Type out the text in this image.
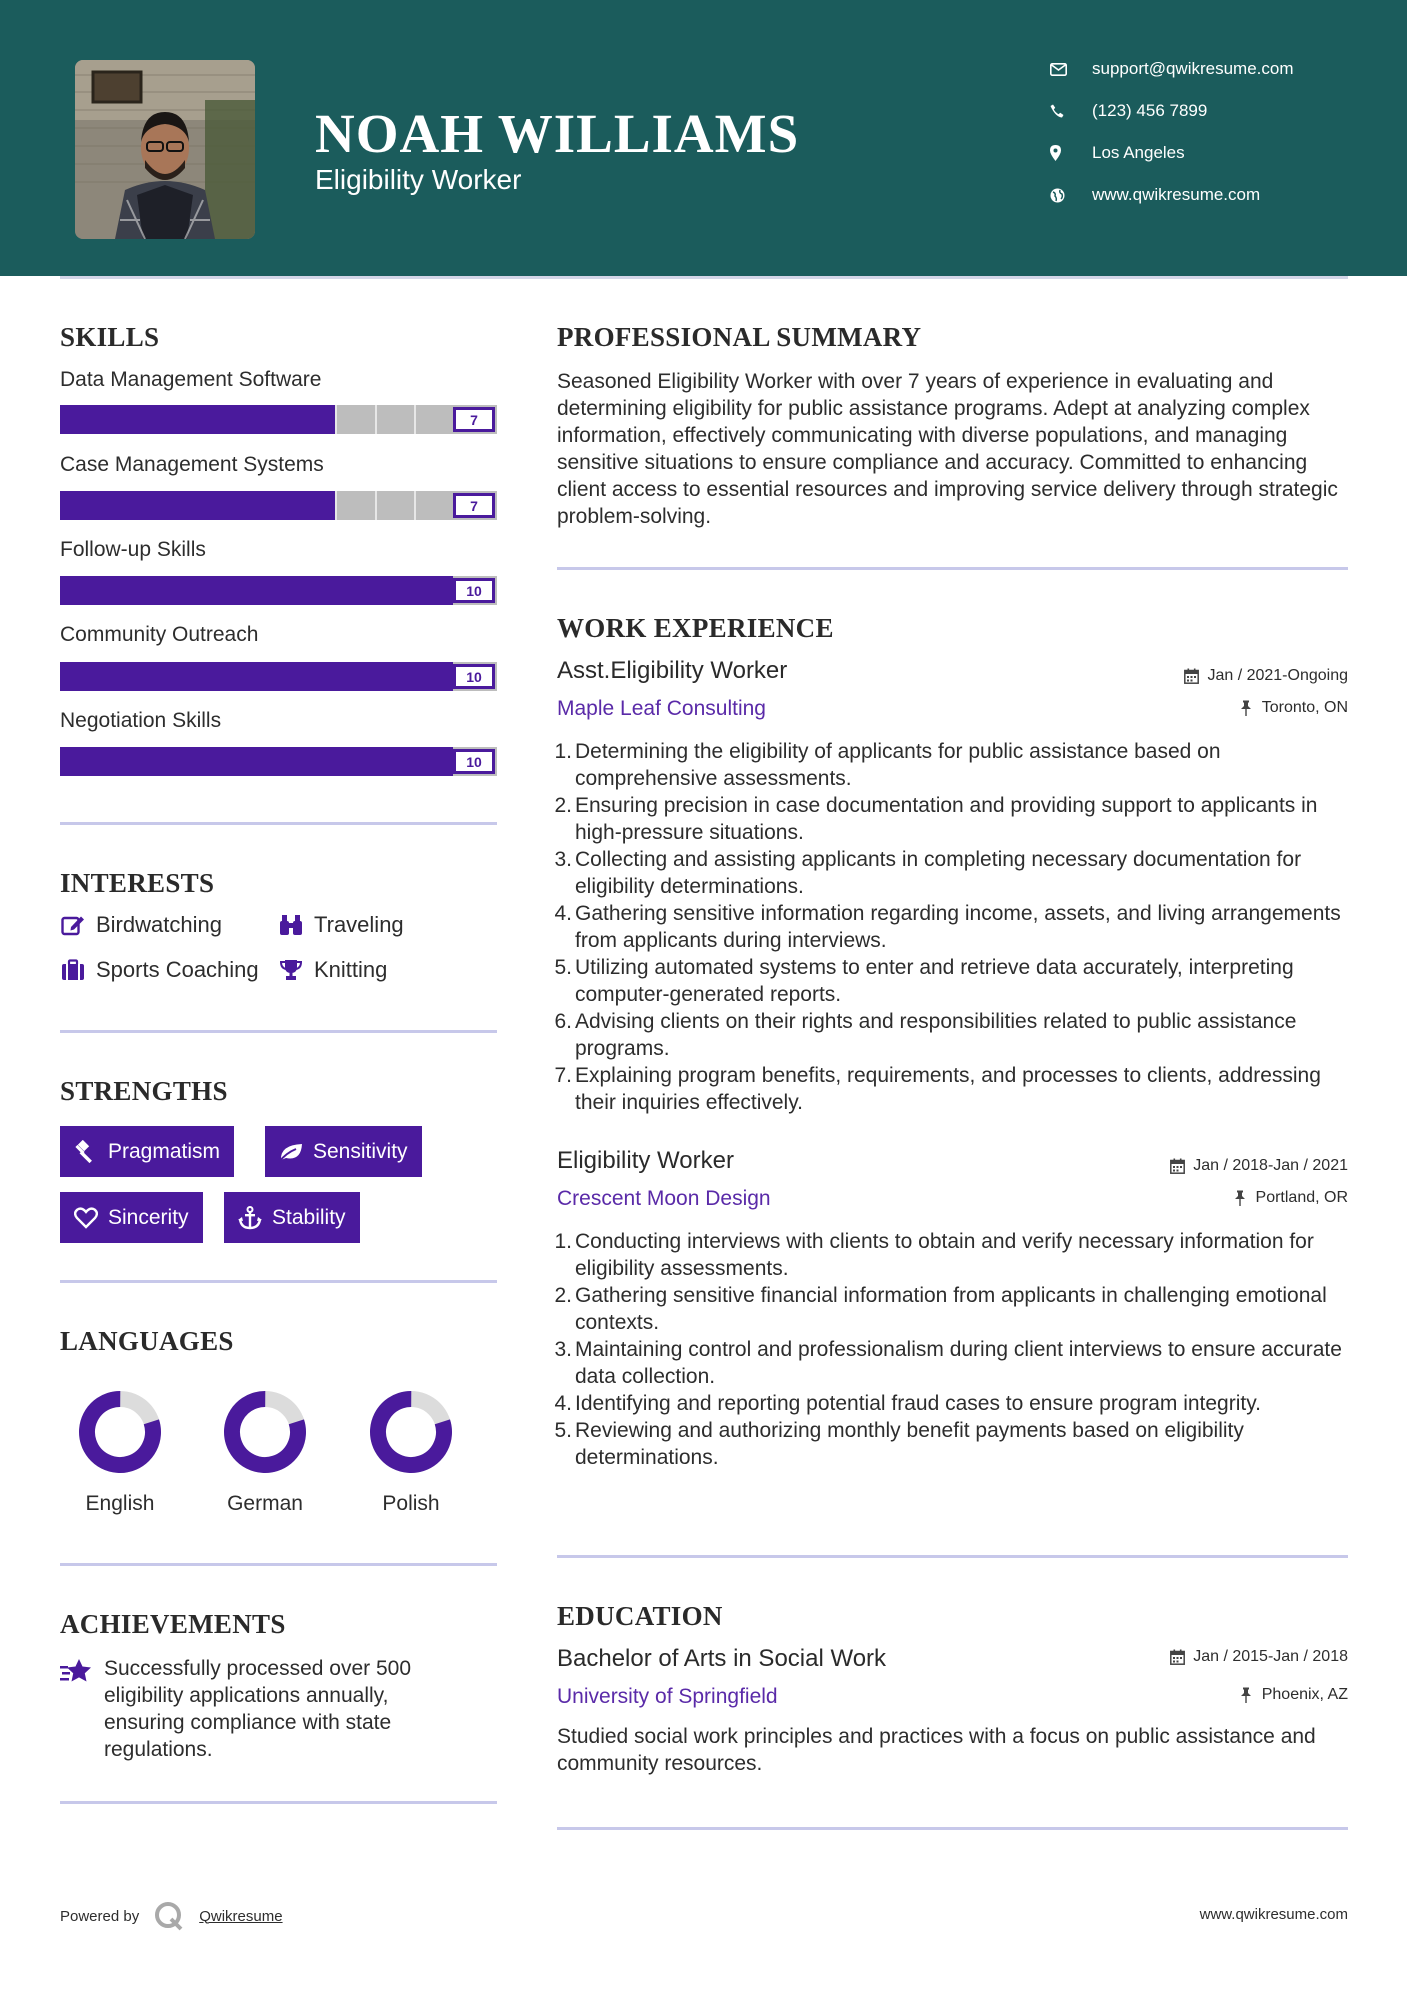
NOAH WILLIAMS
Eligibility Worker
support@qwikresume.com
(123) 456 7899
Los Angeles
www.qwikresume.com
SKILLS
Data Management Software
7
Case Management Systems
7
Follow-up Skills
10
Community Outreach
10
Negotiation Skills
10
INTERESTS
Birdwatching	Traveling
Sports Coaching	Knitting
STRENGTHS
Pragmatism	Sensitivity
Sincerity	Stability
LANGUAGES
English	German	Polish
ACHIEVEMENTS
Successfully processed over 500 eligibility applications annually, ensuring compliance with state regulations.
PROFESSIONAL SUMMARY
Seasoned Eligibility Worker with over 7 years of experience in evaluating and determining eligibility for public assistance programs. Adept at analyzing complex information, effectively communicating with diverse populations, and managing sensitive situations to ensure compliance and accuracy. Committed to enhancing client access to essential resources and improving service delivery through strategic problem-solving.
WORK EXPERIENCE
Asst.Eligibility Worker	Jan / 2021-Ongoing
Maple Leaf Consulting	Toronto, ON
1. Determining the eligibility of applicants for public assistance based on comprehensive assessments.
2. Ensuring precision in case documentation and providing support to applicants in high-pressure situations.
3. Collecting and assisting applicants in completing necessary documentation for eligibility determinations.
4. Gathering sensitive information regarding income, assets, and living arrangements from applicants during interviews.
5. Utilizing automated systems to enter and retrieve data accurately, interpreting computer-generated reports.
6. Advising clients on their rights and responsibilities related to public assistance programs.
7. Explaining program benefits, requirements, and processes to clients, addressing their inquiries effectively.
Eligibility Worker	Jan / 2018-Jan / 2021
Crescent Moon Design	Portland, OR
1. Conducting interviews with clients to obtain and verify necessary information for eligibility assessments.
2. Gathering sensitive financial information from applicants in challenging emotional contexts.
3. Maintaining control and professionalism during client interviews to ensure accurate data collection.
4. Identifying and reporting potential fraud cases to ensure program integrity.
5. Reviewing and authorizing monthly benefit payments based on eligibility determinations.
EDUCATION
Bachelor of Arts in Social Work	Jan / 2015-Jan / 2018
University of Springfield	Phoenix, AZ
Studied social work principles and practices with a focus on public assistance and community resources.
Powered by	Qwikresume	www.qwikresume.com
